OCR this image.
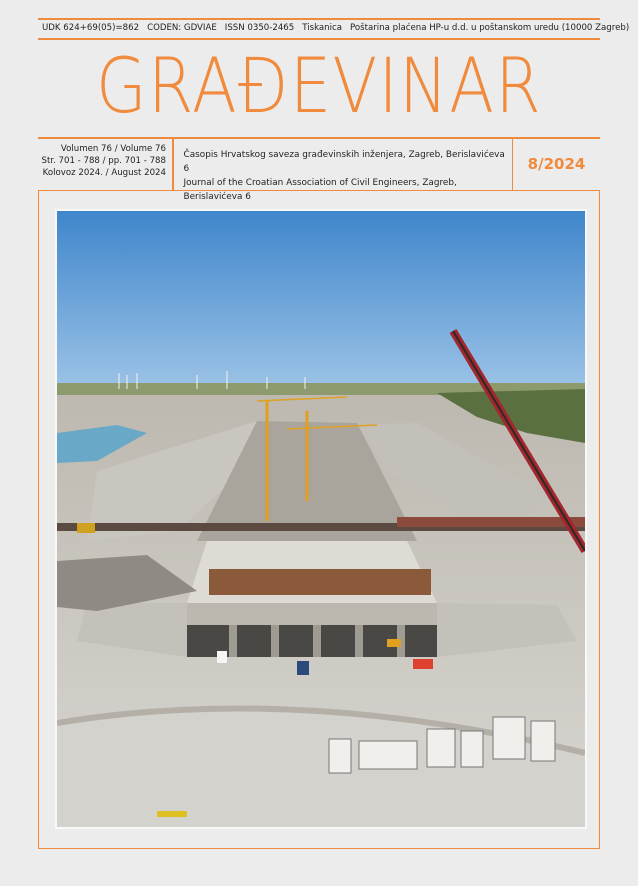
UDK 624+69(05)=862 CODEN: GDVIAE ISSN 0350-2465 Tiskanica Poštarina plaćena HP-u d.d. u poštanskom uredu (10000 Zagreb)
GRAĐEVINAR
Volumen 76 / Volume 76
Str. 701 - 788 / pp. 701 - 788
Kolovoz 2024. / August 2024
Časopis Hrvatskog saveza građevinskih inženjera, Zagreb, Berislavićeva 6
Journal of the Croatian Association of Civil Engineers, Zagreb, Berislavićeva 6
8/2024
